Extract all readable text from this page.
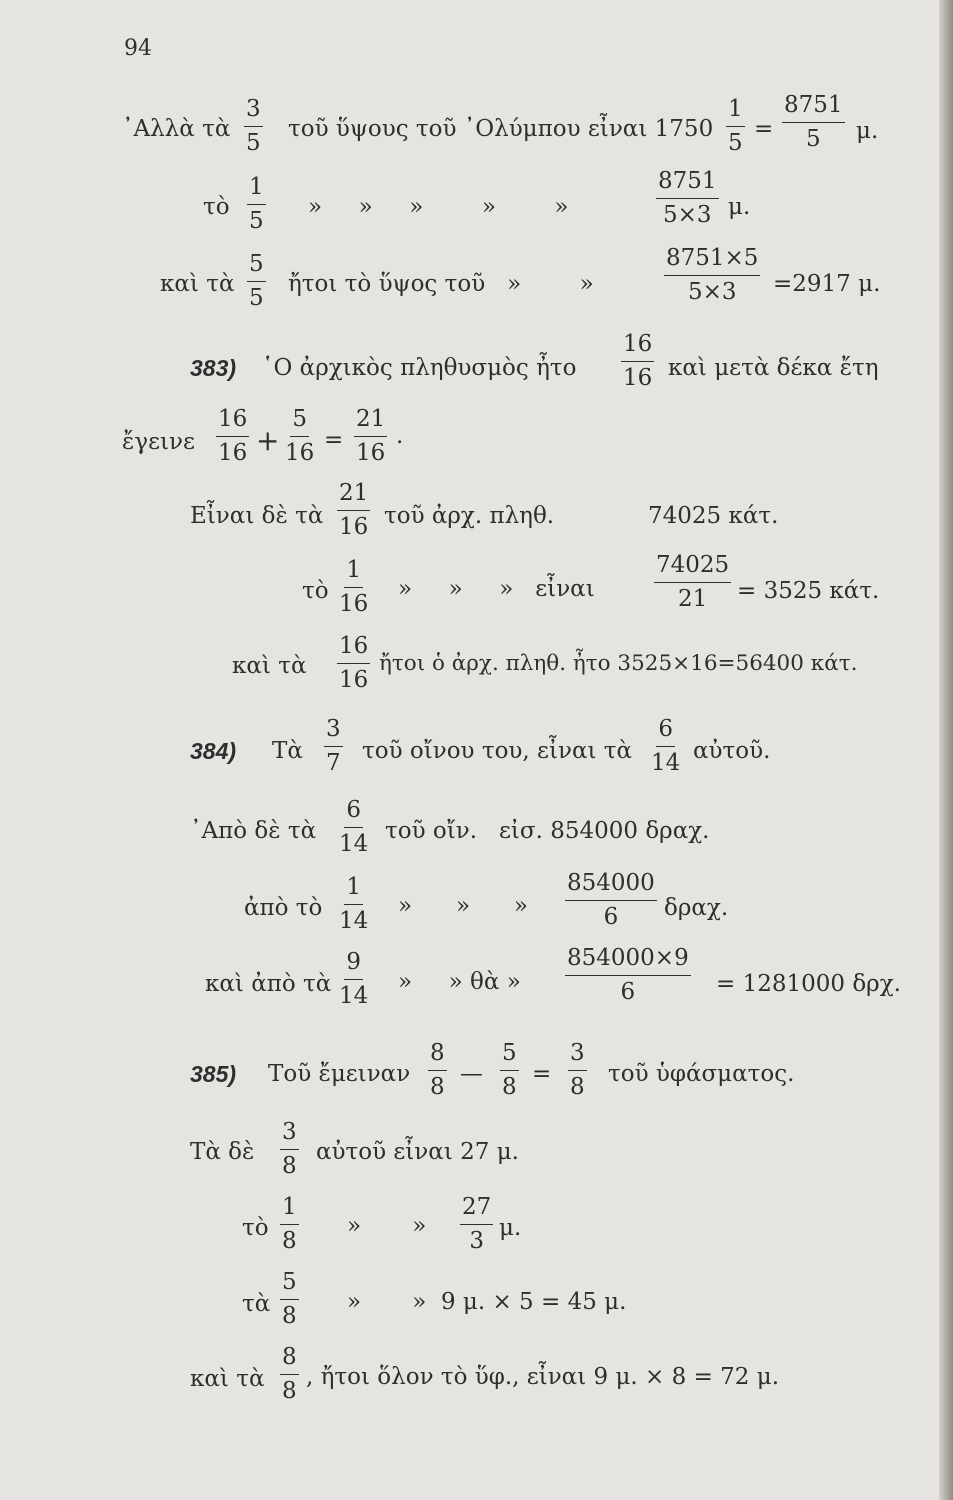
94
᾿Αλλὰ τὰ
3
5
τοῦ ὕψους τοῦ ᾿Ολύμπου εἶναι 1750
1
5
=
8751
5 μ.
τὸ
1
5
»     »     »        »        »
8751
5×3 μ.
καὶ τὰ
5
5
ἤτοι τὸ ὕψος τοῦ   »        »
8751×5
5×3 =2917 μ.
383) ῾Ο ἀρχικὸς πληθυσμὸς ἦτο
16
16 καὶ μετὰ δέκα ἔτη
ἔγεινε
16
16 +
5
16 =
21
16
.
Εἶναι δὲ τὰ
21
16 τοῦ ἀρχ. πληθ.	74025 κάτ.
τὸ
1
16
»     »     »   εἶναι
74025
21 = 3525 κάτ.
καὶ τὰ
16
16
ἤτοι ὁ ἀρχ. πληθ. ἦτο 3525×16=56400 κάτ.
384) Τὰ
3
7 τοῦ οἴνου του, εἶναι τὰ
6
14 αὐτοῦ.
᾿Απὸ δὲ τὰ
6
14 τοῦ οἴν.   εἰσ. 854000 δραχ.
ἀπὸ τὸ
1
14
»      »      »
854000
6 δραχ.
καὶ ἀπὸ τὰ
9
14
»     » θὰ »
854000×9
6	= 1281000 δρχ.
385) Τοῦ ἔμειναν
8
8 —
5
8 =
3
8 τοῦ ὑφάσματος.
Τὰ δὲ
3
8
αὐτοῦ εἶναι 27 μ.
τὸ
1
8
»       »
27
3 μ.
τὰ
5
8
»       »  9 μ. × 5 = 45 μ.
καὶ τὰ
8
8
, ἤτοι ὅλον τὸ ὕφ., εἶναι 9 μ. × 8 = 72 μ.
